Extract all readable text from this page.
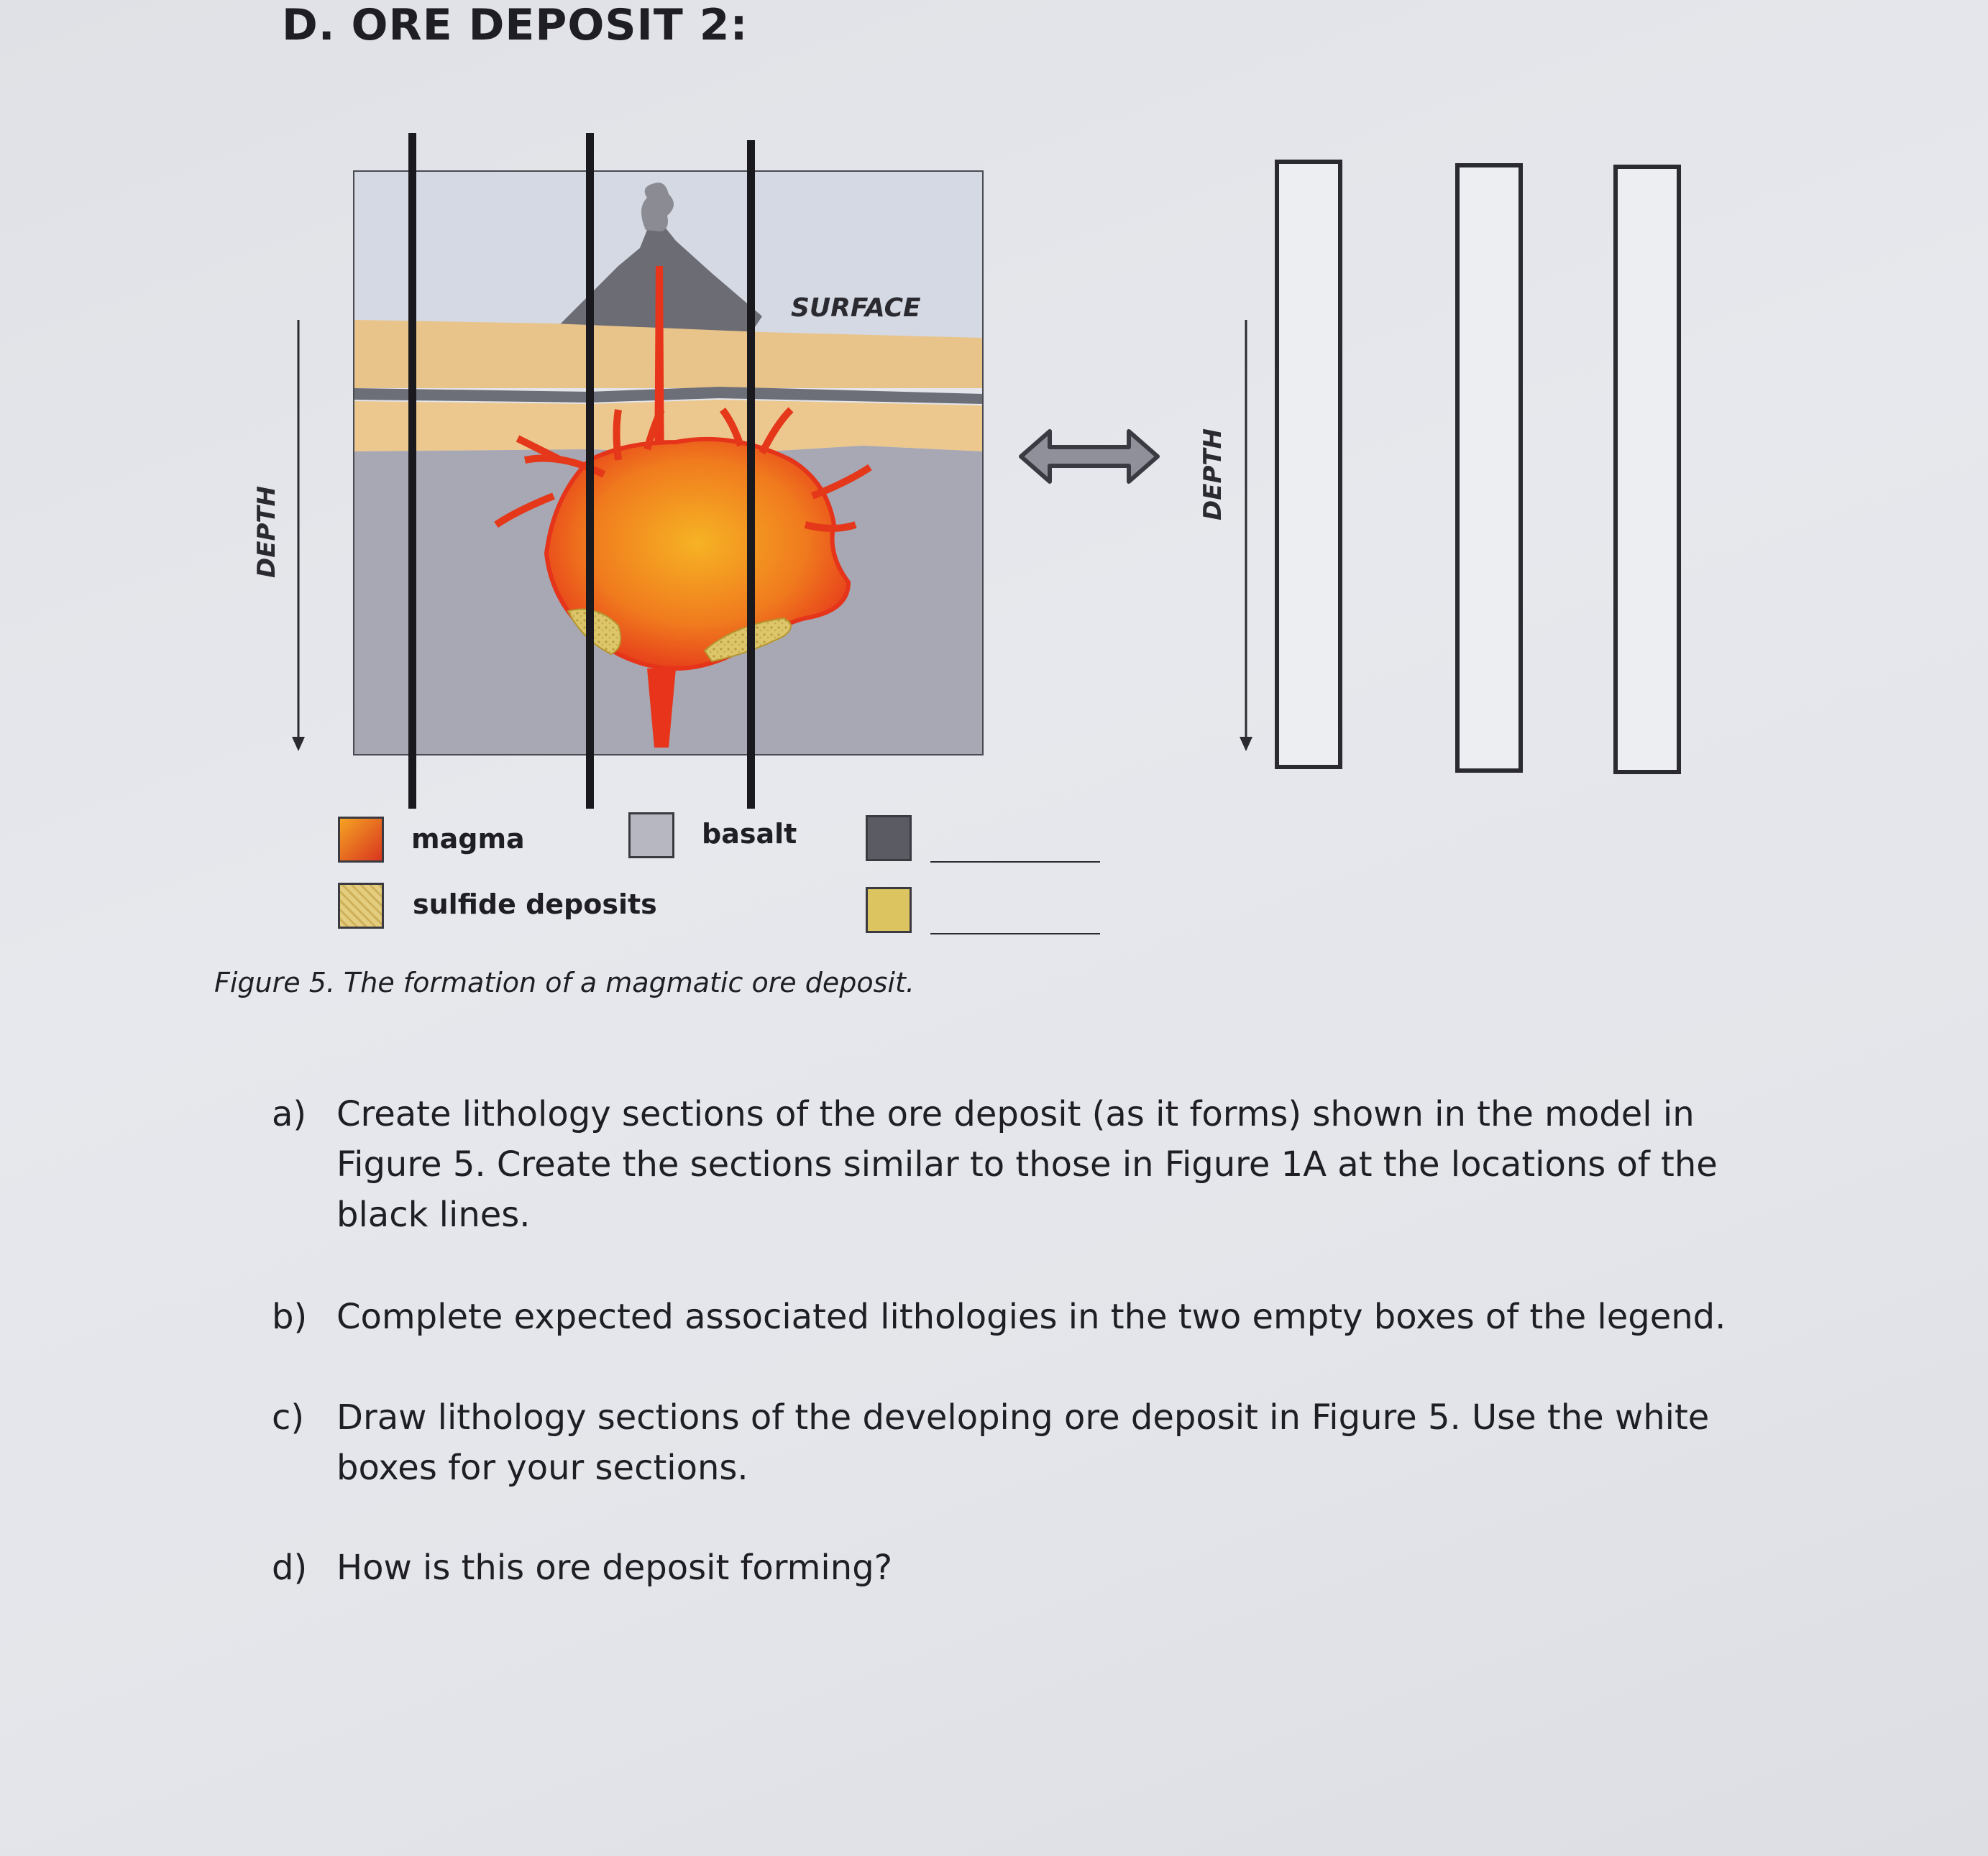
D. ORE DEPOSIT 2:
SURFACE
DEPTH
DEPTH
magma	basalt
sulfide deposits
Figure 5. The formation of a magmatic ore deposit.
a) Create lithology sections of the ore deposit (as it forms) shown in the model in
Figure 5. Create the sections similar to those in Figure 1A at the locations of the
black lines.
b) Complete expected associated lithologies in the two empty boxes of the legend.
c) Draw lithology sections of the developing ore deposit in Figure 5. Use the white
boxes for your sections.
d) How is this ore deposit forming?
